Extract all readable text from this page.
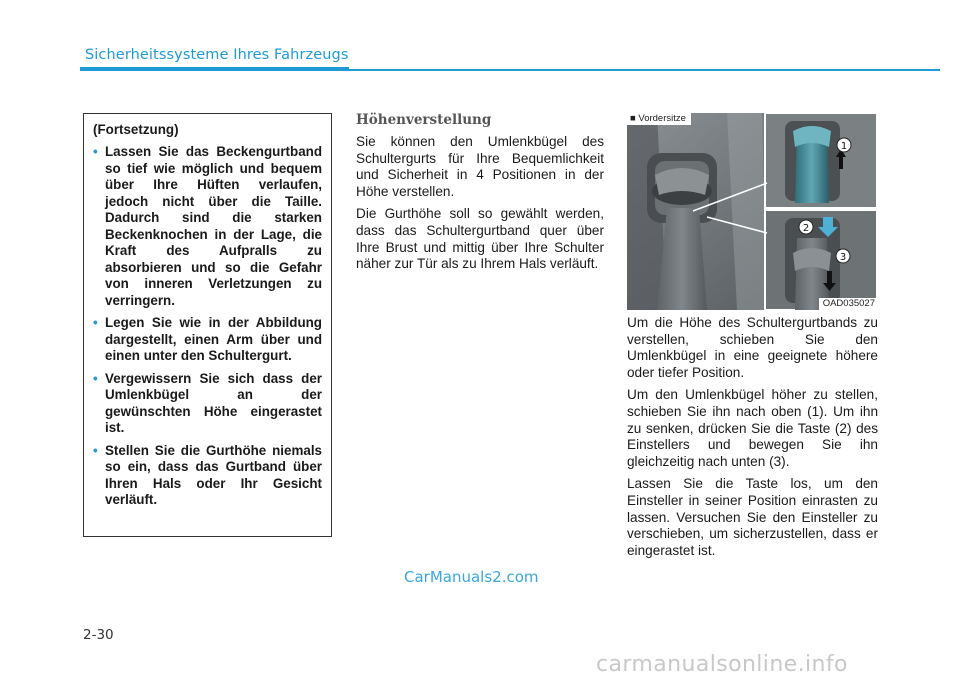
Sicherheitssysteme Ihres Fahrzeugs

(Fortsetzung)

• Lassen Sie das Beckengurtband so tief wie möglich und bequem über Ihre Hüften verlaufen, jedoch nicht über die Taille. Dadurch sind die starken Beckenknochen in der Lage, die Kraft des Aufpralls zu absorbieren und so die Gefahr von inneren Verletzungen zu verringern.
• Legen Sie wie in der Abbildung dargestellt, einen Arm über und einen unter den Schultergurt.
• Vergewissern Sie sich dass der Umlenkbügel an der gewünschten Höhe eingerastet ist.
• Stellen Sie die Gurthöhe niemals so ein, dass das Gurtband über Ihren Hals oder Ihr Gesicht verläuft.
Höhenverstellung

Sie können den Umlenkbügel des Schultergurts für Ihre Bequemlichkeit und Sicherheit in 4 Positionen in der Höhe verstellen.

Die Gurthöhe soll so gewählt werden, dass das Schultergurtband quer über Ihre Brust und mittig über Ihre Schulter näher zur Tür als zu Ihrem Hals verläuft.

1
2
3
■ Vordersitze
OAD035027

Um die Höhe des Schultergurtbands zu verstellen, schieben Sie den Umlenkbügel in eine geeignete höhere oder tiefer Position.

Um den Umlenkbügel höher zu stellen, schieben Sie ihn nach oben (1). Um ihn zu senken, drücken Sie die Taste (2) des Einstellers und bewegen Sie ihn gleichzeitig nach unten (3).

Lassen Sie die Taste los, um den Einsteller in seiner Position einrasten zu lassen. Versuchen Sie den Einsteller zu verschieben, um sicherzustellen, dass er eingerastet ist.

CarManuals2.com
2-30
carmanualsonline.info
